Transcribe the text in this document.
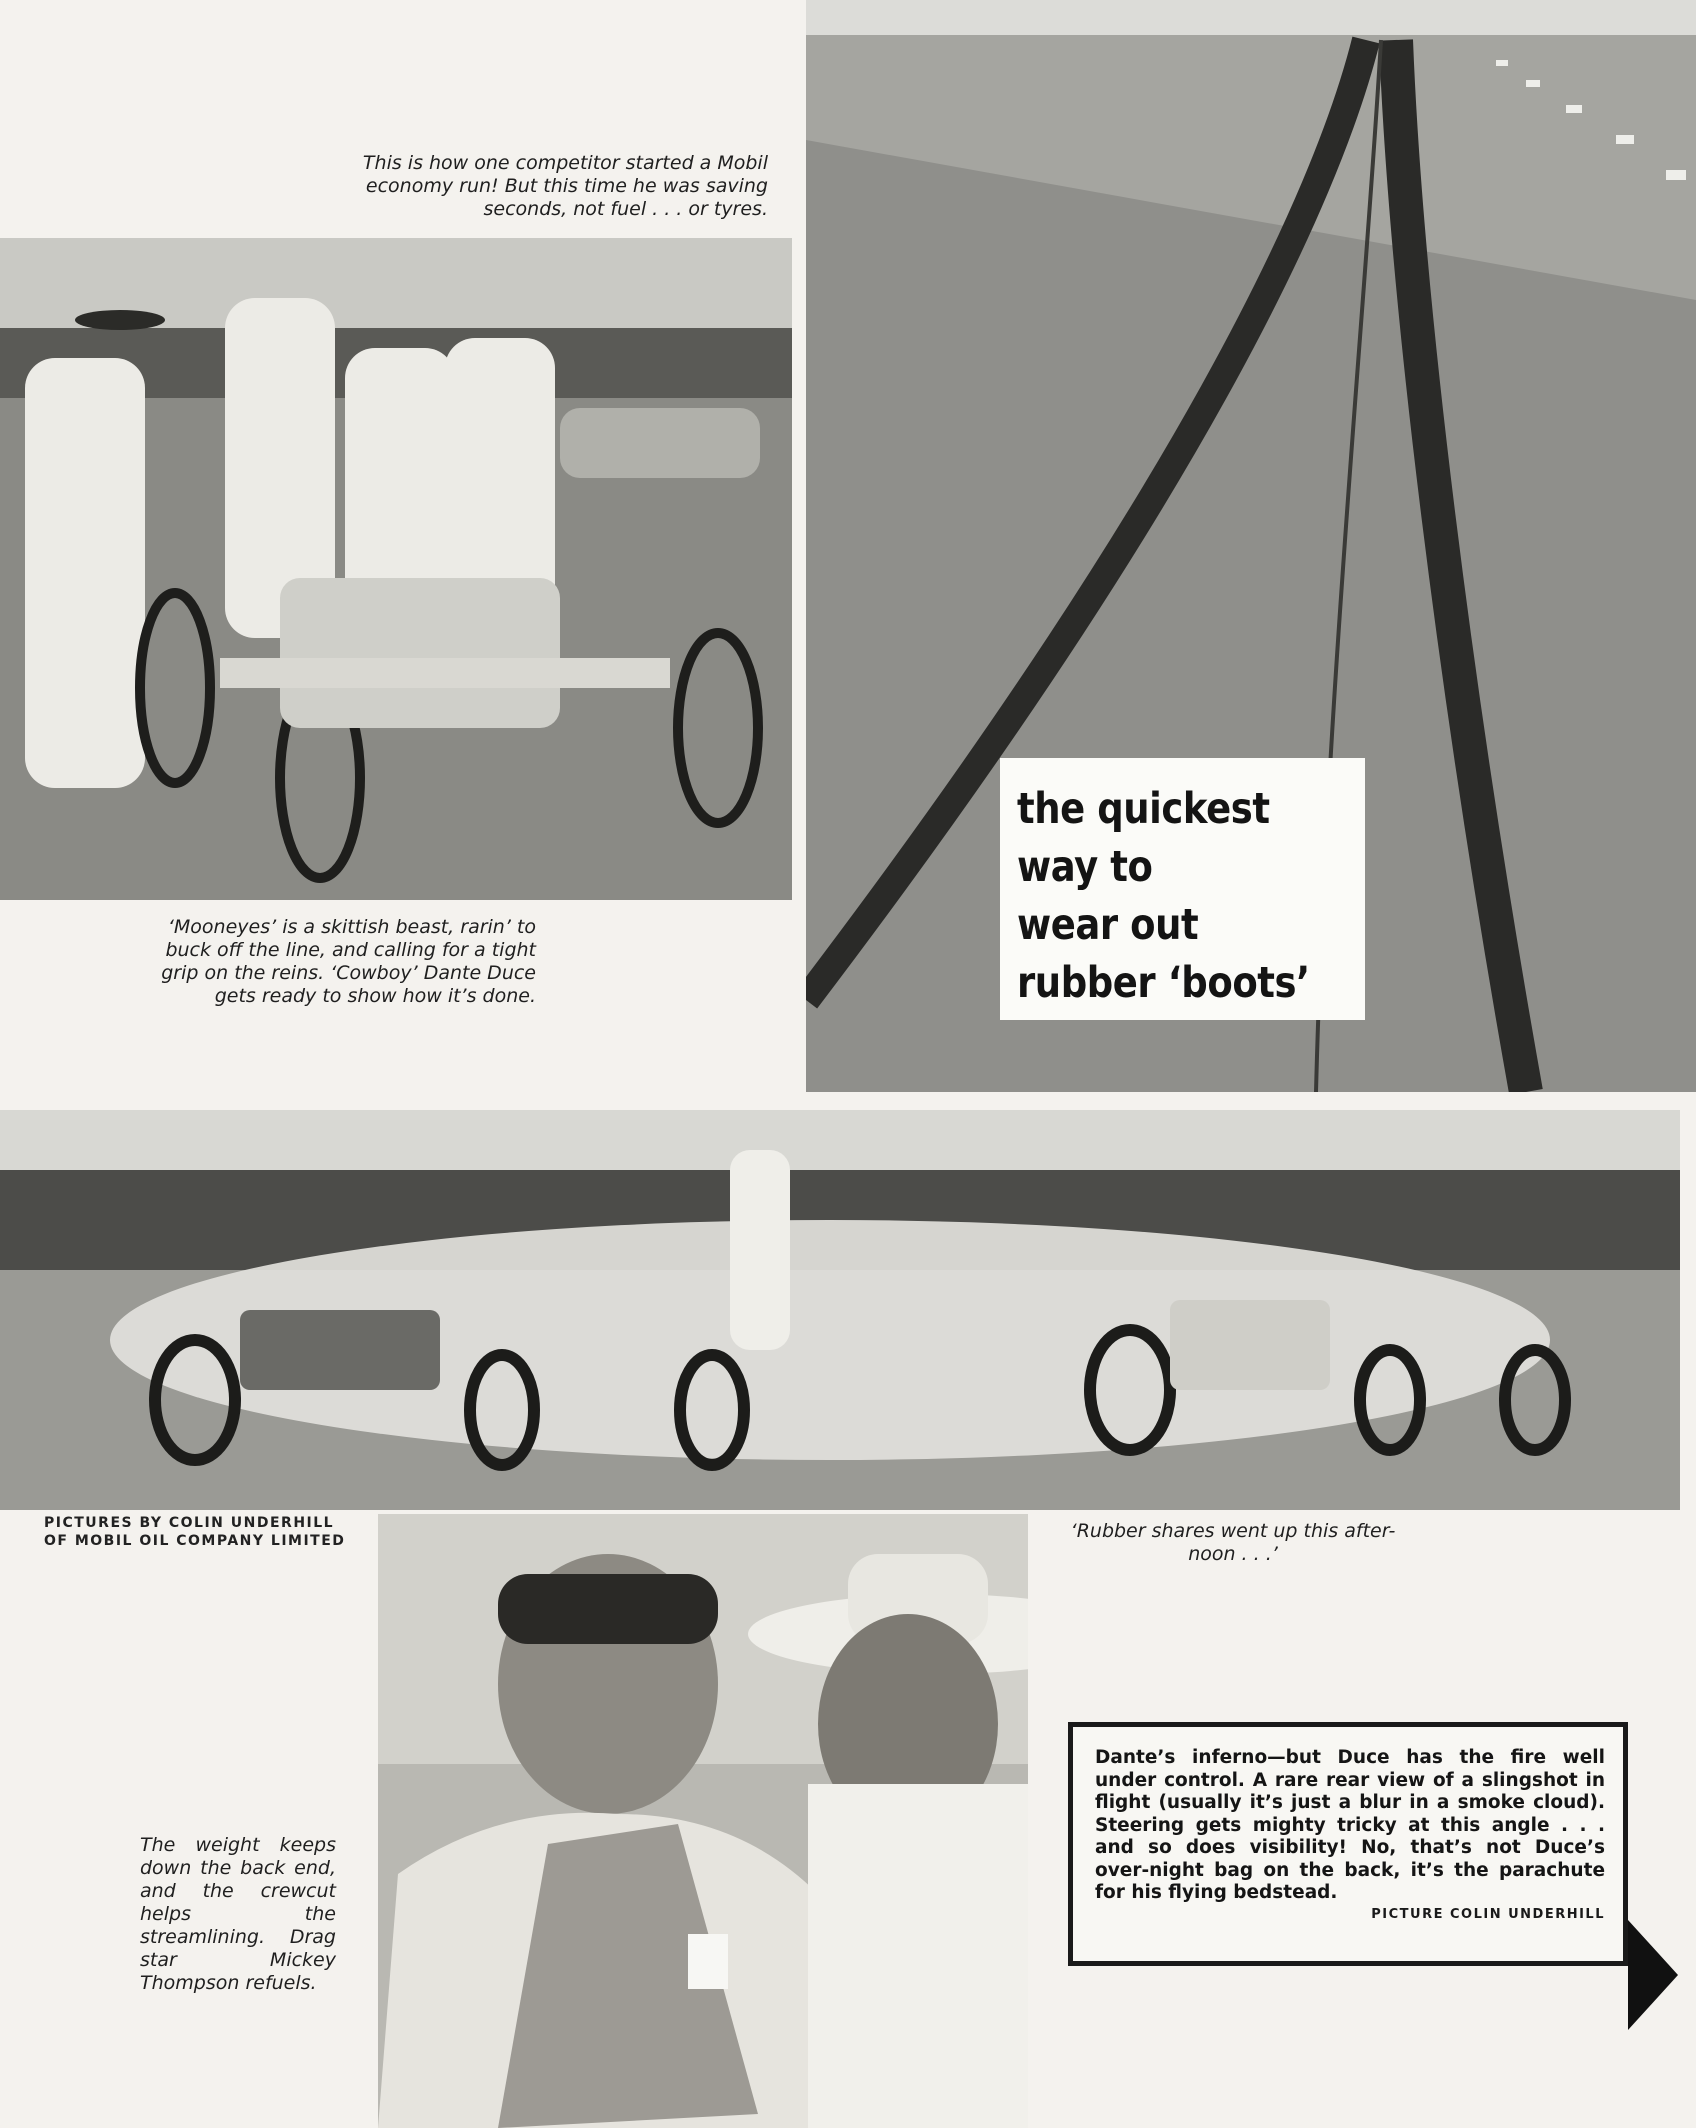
This is how one competitor started a Mobil economy run! But this time he was saving seconds, not fuel . . . or tyres.
‘Mooneyes’ is a skittish beast, rarin’ to buck off the line, and calling for a tight grip on the reins. ‘Cowboy’ Dante Duce gets ready to show how it’s done.
the quickest
way to
wear out
rubber ‘boots’
PICTURES BY COLIN UNDERHILL
OF MOBIL OIL COMPANY LIMITED	‘Rubber shares went up this after-noon . . .’
The weight keeps down the back end, and the crewcut helps the streamlining. Drag star Mickey Thompson refuels.
Dante’s inferno—but Duce has the fire well under control. A rare rear view of a slingshot in flight (usually it’s just a blur in a smoke cloud). Steering gets mighty tricky at this angle . . . and so does visibility! No, that’s not Duce’s over-night bag on the back, it’s the parachute for his flying bedstead.
PICTURE COLIN UNDERHILL
